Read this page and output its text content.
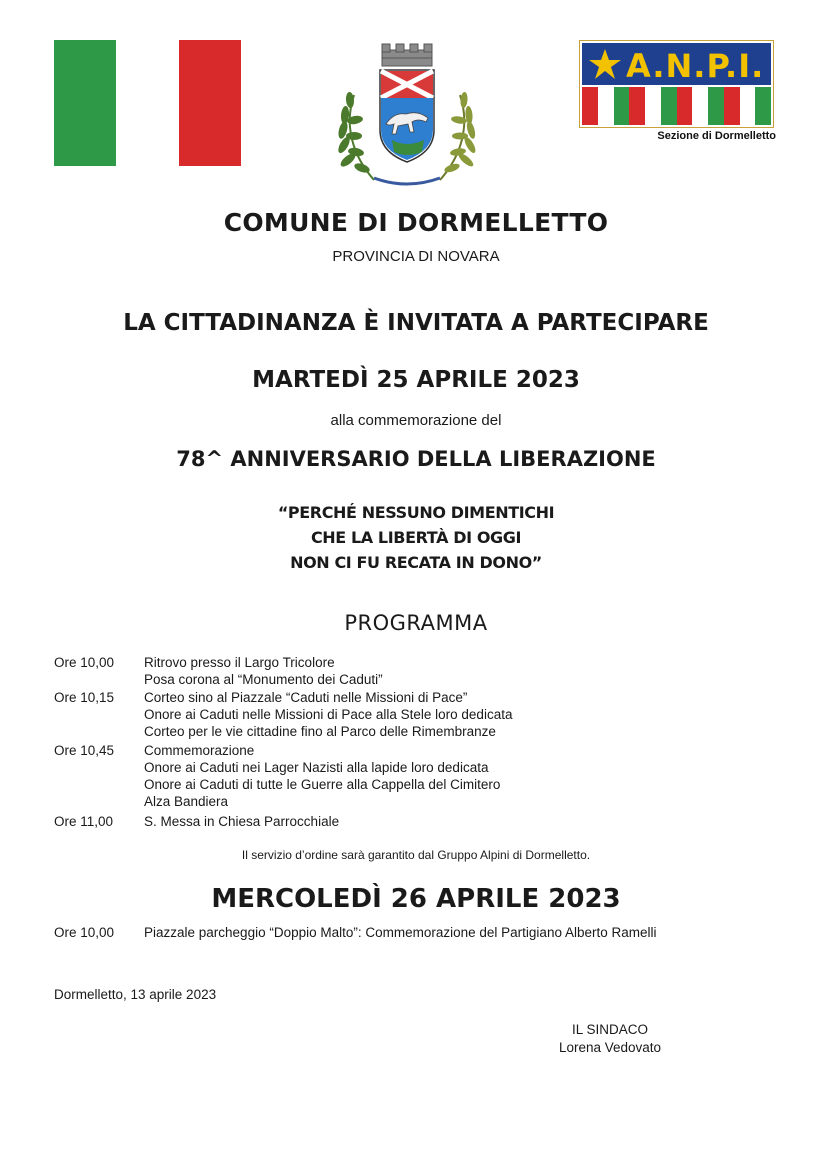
A.N.P.I.
Sezione di Dormelletto
COMUNE DI DORMELLETTO
PROVINCIA DI NOVARA
LA CITTADINANZA È INVITATA A PARTECIPARE
MARTEDÌ 25 APRILE 2023
alla commemorazione del
78^ ANNIVERSARIO DELLA LIBERAZIONE
“PERCHÉ NESSUNO DIMENTICHI
CHE LA LIBERTÀ DI OGGI
NON CI FU RECATA IN DONO”
PROGRAMMA
Ore 10,00	Ritrovo presso il Largo Tricolore
Posa corona al “Monumento dei Caduti”
Ore 10,15	Corteo sino al Piazzale “Caduti nelle Missioni di Pace”
Onore ai Caduti nelle Missioni di Pace alla Stele loro dedicata
Corteo per le vie cittadine fino al Parco delle Rimembranze
Ore 10,45	Commemorazione
Onore ai Caduti nei Lager Nazisti alla lapide loro dedicata
Onore ai Caduti di tutte le Guerre alla Cappella del Cimitero
Alza Bandiera
Ore 11,00	S. Messa in Chiesa Parrocchiale
Il servizio d’ordine sarà garantito dal Gruppo Alpini di Dormelletto.
MERCOLEDÌ 26 APRILE 2023
Ore 10,00	Piazzale parcheggio “Doppio Malto”: Commemorazione del Partigiano Alberto Ramelli
Dormelletto, 13 aprile 2023
IL SINDACO
Lorena Vedovato
